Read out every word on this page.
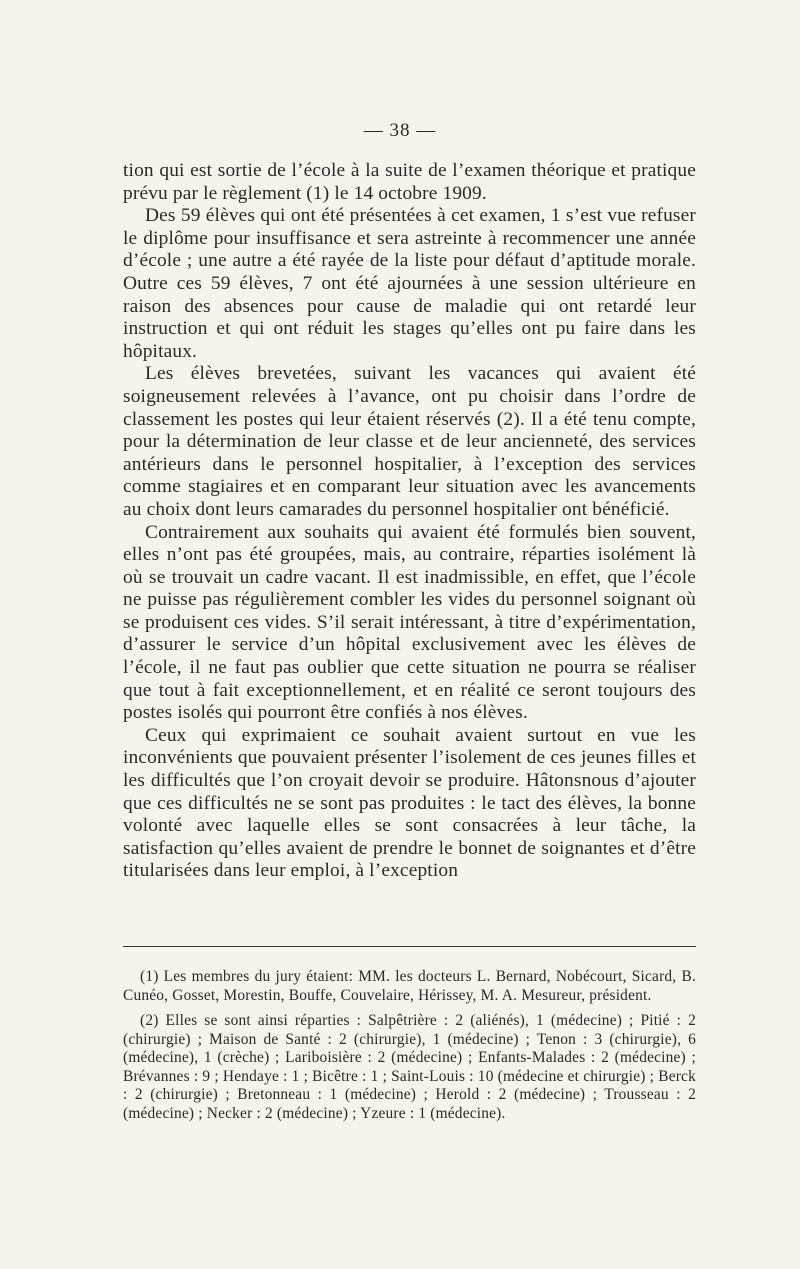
— 38 —

tion qui est sortie de l’école à la suite de l’examen théorique et pratique prévu par le règlement (1) le 14 octobre 1909.

Des 59 élèves qui ont été présentées à cet examen, 1 s’est vue refuser le diplôme pour insuffisance et sera astreinte à recommencer une année d’école ; une autre a été rayée de la liste pour défaut d’aptitude morale. Outre ces 59 élèves, 7 ont été ajournées à une session ultérieure en raison des absences pour cause de maladie qui ont retardé leur instruction et qui ont réduit les stages qu’elles ont pu faire dans les hôpitaux.

Les élèves brevetées, suivant les vacances qui avaient été soigneusement relevées à l’avance, ont pu choisir dans l’ordre de classement les postes qui leur étaient réservés (2). Il a été tenu compte, pour la détermination de leur classe et de leur ancienneté, des services antérieurs dans le personnel hospitalier, à l’exception des services comme stagiaires et en comparant leur situation avec les avancements au choix dont leurs camarades du personnel hospitalier ont bénéficié.

Contrairement aux souhaits qui avaient été formulés bien souvent, elles n’ont pas été groupées, mais, au contraire, réparties isolément là où se trouvait un cadre vacant. Il est inadmissible, en effet, que l’école ne puisse pas régulièrement combler les vides du personnel soignant où se produisent ces vides. S’il serait intéressant, à titre d’expérimentation, d’assurer le service d’un hôpital exclusivement avec les élèves de l’école, il ne faut pas oublier que cette situation ne pourra se réaliser que tout à fait exceptionnellement, et en réalité ce seront toujours des postes isolés qui pourront être confiés à nos élèves.

Ceux qui exprimaient ce souhait avaient surtout en vue les inconvénients que pouvaient présenter l’isolement de ces jeunes filles et les difficultés que l’on croyait devoir se produire. Hâtonsnous d’ajouter que ces difficultés ne se sont pas produites : le tact des élèves, la bonne volonté avec laquelle elles se sont consacrées à leur tâche, la satisfaction qu’elles avaient de prendre le bonnet de soignantes et d’être titularisées dans leur emploi, à l’exception

(1) Les membres du jury étaient: MM. les docteurs L. Bernard, Nobécourt, Sicard, B. Cunéo, Gosset, Morestin, Bouffe, Couvelaire, Hérissey, M. A. Mesureur, président.

(2) Elles se sont ainsi réparties : Salpêtrière : 2 (aliénés), 1 (médecine) ; Pitié : 2 (chirurgie) ; Maison de Santé : 2 (chirurgie), 1 (médecine) ; Tenon : 3 (chirurgie), 6 (médecine), 1 (crèche) ; Lariboisière : 2 (médecine) ; Enfants-Malades : 2 (médecine) ; Brévannes : 9 ; Hendaye : 1 ; Bicêtre : 1 ; Saint-Louis : 10 (médecine et chirurgie) ; Berck : 2 (chirurgie) ; Bretonneau : 1 (médecine) ; Herold : 2 (médecine) ; Trousseau : 2 (médecine) ; Necker : 2 (médecine) ; Yzeure : 1 (médecine).
